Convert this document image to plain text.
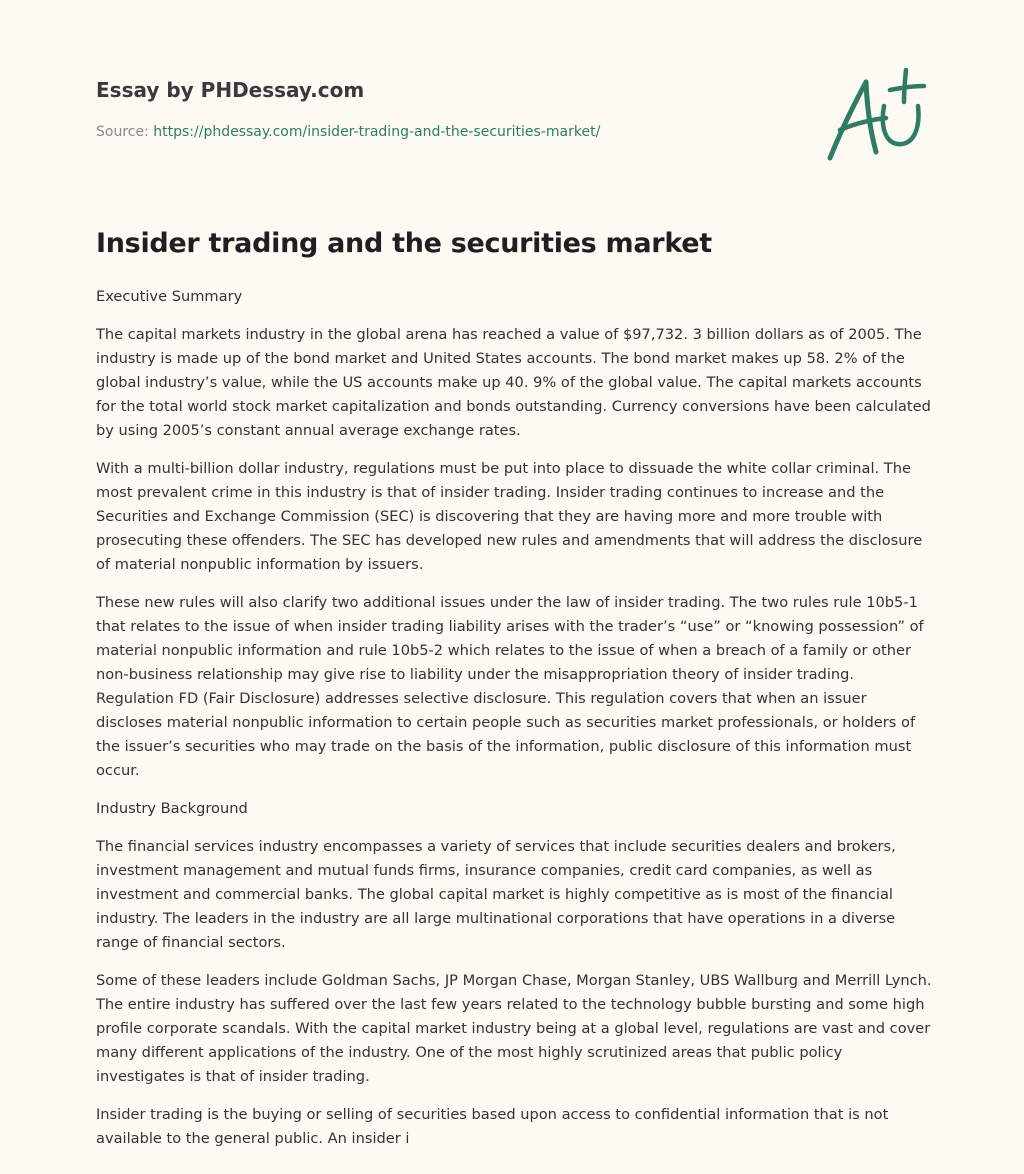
Essay by PHDessay.com
Source: https://phdessay.com/insider-trading-and-the-securities-market/
Insider trading and the securities market

Executive Summary

The capital markets industry in the global arena has reached a value of $97,732. 3 billion dollars as of 2005. The industry is made up of the bond market and United States accounts. The bond market makes up 58. 2% of the global industry’s value, while the US accounts make up 40. 9% of the global value. The capital markets accounts for the total world stock market capitalization and bonds outstanding. Currency conversions have been calculated by using 2005’s constant annual average exchange rates.

With a multi-billion dollar industry, regulations must be put into place to dissuade the white collar criminal. The most prevalent crime in this industry is that of insider trading. Insider trading continues to increase and the Securities and Exchange Commission (SEC) is discovering that they are having more and more trouble with prosecuting these offenders. The SEC has developed new rules and amendments that will address the disclosure of material nonpublic information by issuers.

These new rules will also clarify two additional issues under the law of insider trading. The two rules rule 10b5-1 that relates to the issue of when insider trading liability arises with the trader’s “use” or “knowing possession” of material nonpublic information and rule 10b5-2 which relates to the issue of when a breach of a family or other non-business relationship may give rise to liability under the misappropriation theory of insider trading. Regulation FD (Fair Disclosure) addresses selective disclosure. This regulation covers that when an issuer discloses material nonpublic information to certain people such as securities market professionals, or holders of the issuer’s securities who may trade on the basis of the information, public disclosure of this information must occur.

Industry Background

The financial services industry encompasses a variety of services that include securities dealers and brokers, investment management and mutual funds firms, insurance companies, credit card companies, as well as investment and commercial banks. The global capital market is highly competitive as is most of the financial industry. The leaders in the industry are all large multinational corporations that have operations in a diverse range of financial sectors.

Some of these leaders include Goldman Sachs, JP Morgan Chase, Morgan Stanley, UBS Wallburg and Merrill Lynch. The entire industry has suffered over the last few years related to the technology bubble bursting and some high profile corporate scandals. With the capital market industry being at a global level, regulations are vast and cover many different applications of the industry. One of the most highly scrutinized areas that public policy investigates is that of insider trading.

Insider trading is the buying or selling of securities based upon access to confidential information that is not available to the general public. An insider i
